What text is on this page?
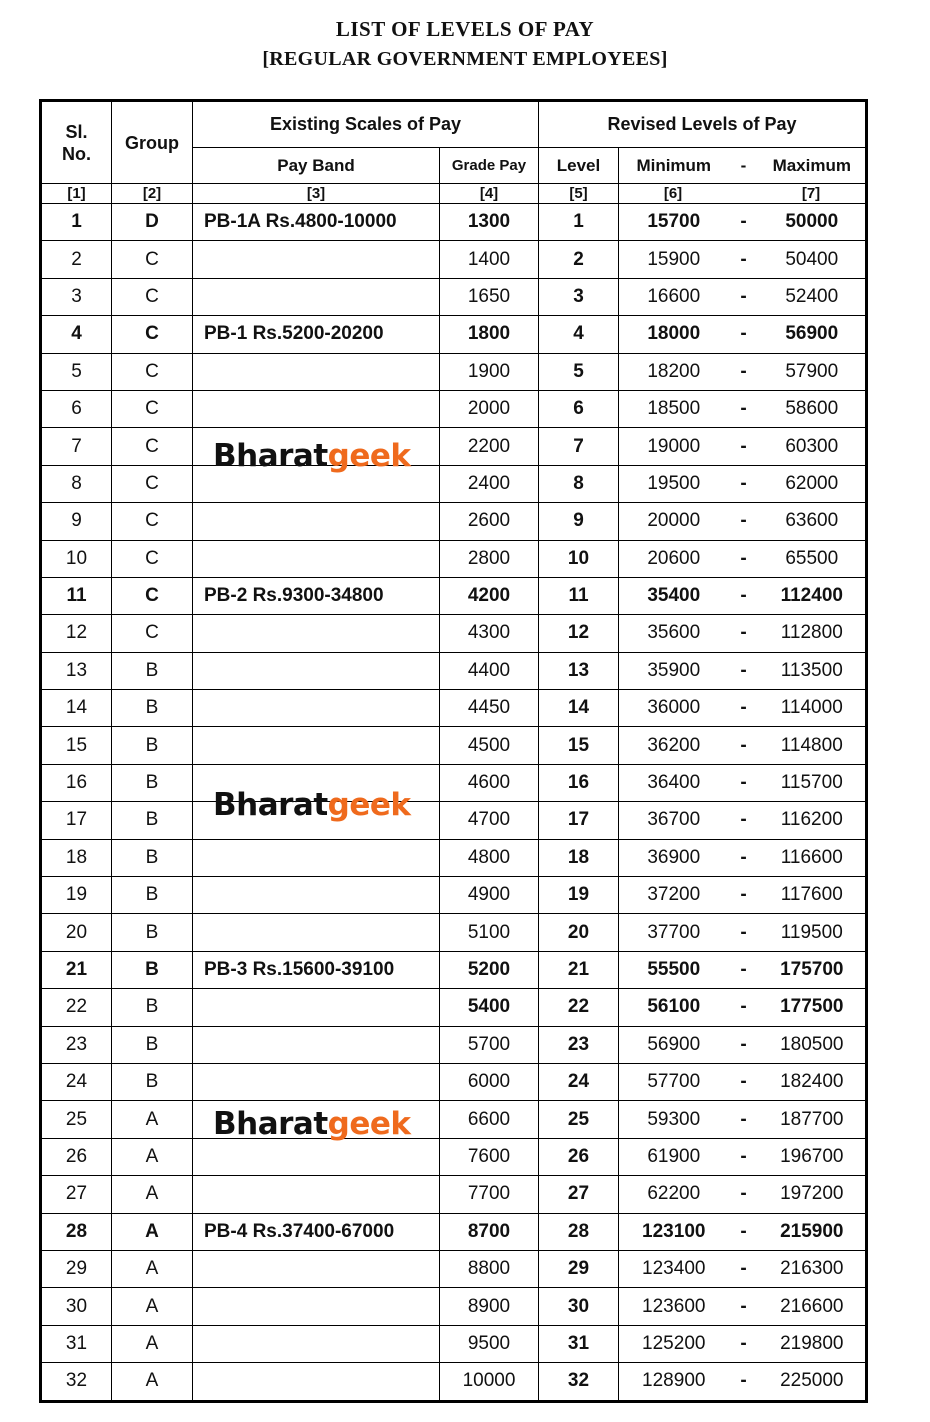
LIST OF LEVELS OF PAY
[REGULAR GOVERNMENT EMPLOYEES]
Sl.
No.	Group	Existing Scales of Pay		Revised Levels of Pay			
		Pay Band	Grade Pay	Level	Minimum	-	Maximum
[1]	[2]	[3]	[4]	[5]	[6] [7]		
1	D	PB-1A Rs.4800-10000	1300	1	15700	-	50000
2	C		1400	2	15900	-	50400
3	C		1650	3	16600	-	52400
4	C	PB-1 Rs.5200-20200	1800	4	18000	-	56900
5	C		1900	5	18200	-	57900
6	C		2000	6	18500	-	58600
7	C		2200	7	19000	-	60300
8	C		2400	8	19500	-	62000
9	C		2600	9	20000	-	63600
10	C		2800	10	20600	-	65500
11	C	PB-2 Rs.9300-34800	4200	11	35400	-	112400
12	C		4300	12	35600	-	112800
13	B		4400	13	35900	-	113500
14	B		4450	14	36000	-	114000
15	B		4500	15	36200	-	114800
16	B		4600	16	36400	-	115700
17	B		4700	17	36700	-	116200
18	B		4800	18	36900	-	116600
19	B		4900	19	37200	-	117600
20	B		5100	20	37700	-	119500
21	B	PB-3 Rs.15600-39100	5200	21	55500	-	175700
22	B		5400	22	56100	-	177500
23	B		5700	23	56900	-	180500
24	B		6000	24	57700	-	182400
25	A		6600	25	59300	-	187700
26	A		7600	26	61900	-	196700
27	A		7700	27	62200	-	197200
28	A	PB-4 Rs.37400-67000	8700	28	123100	-	215900
29	A		8800	29	123400	-	216300
30	A		8900	30	123600	-	216600
31	A		9500	31	125200	-	219800
32	A		10000	32	128900	-	225000
Bharatgeek
Bharatgeek
Bharatgeek
